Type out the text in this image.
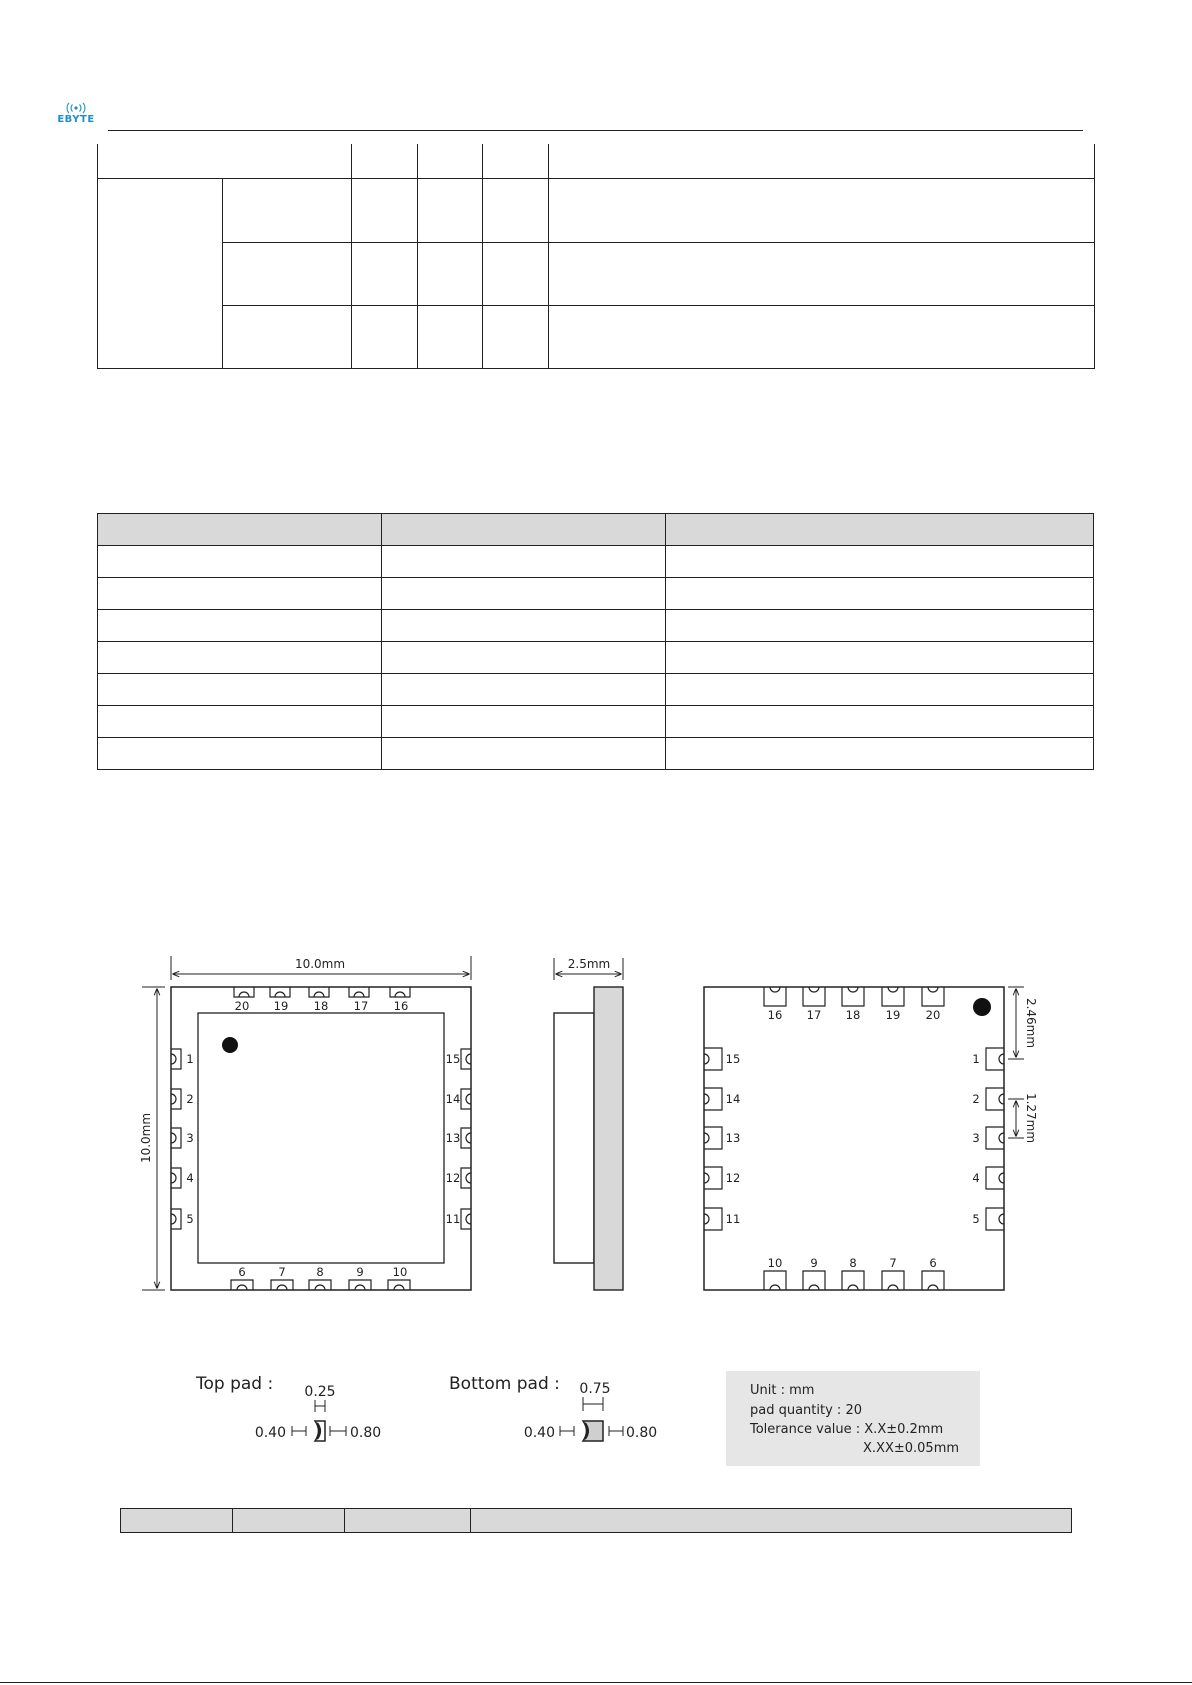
EBYTE

10.0mm
10.0mm
20 19 18 17 16
6	7	8	9	10
1
2
3
4
5
15
14
13
12
11
2.5mm
2.46mm
1.27mm
16 17 18 19 20
10 9	8	7	6
15
14
13
12
11
1
2
3
4
5
Top pad : 0.25
0.40	0.80
Bottom pad : 0.75
0.40	0.80
Unit : mm
pad quantity : 20
Tolerance value : X.X±0.2mm
X.XX±0.05mm
